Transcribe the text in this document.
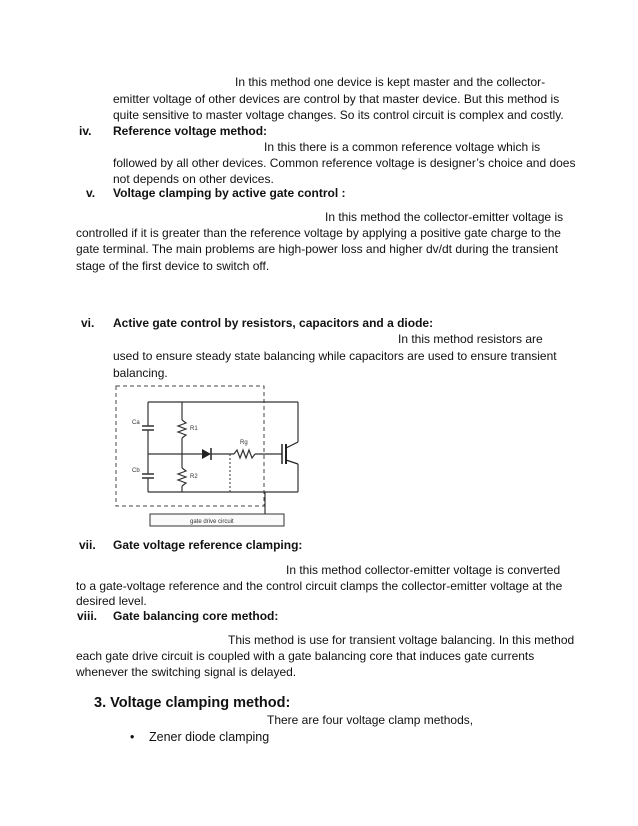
In this method one device is kept master and the collector-
emitter voltage of other devices are control by that master device. But this method is
quite sensitive to master voltage changes. So its control circuit is complex and costly.
iv. Reference voltage method:
In this there is a common reference voltage which is
followed by all other devices. Common reference voltage is designer’s choice and does
not depends on other devices.
v. Voltage clamping by active gate control :
In this method the collector-emitter voltage is
controlled if it is greater than the reference voltage by applying a positive gate charge to the
gate terminal. The main problems are high-power loss and higher dv/dt during the transient
stage of the first device to switch off.
vi. Active gate control by resistors, capacitors and a diode:
In this method resistors are
used to ensure steady state balancing while capacitors are used to ensure transient
balancing.
Ca
Cb
R1
R2
Rg
gate drive circuit
vii. Gate voltage reference clamping:
In this method collector-emitter voltage is converted
to a gate-voltage reference and the control circuit clamps the collector-emitter voltage at the
desired level.
viii. Gate balancing core method:
This method is use for transient voltage balancing. In this method
each gate drive circuit is coupled with a gate balancing core that induces gate currents
whenever the switching signal is delayed.
3. Voltage clamping method:
There are four voltage clamp methods,
• Zener diode clamping
